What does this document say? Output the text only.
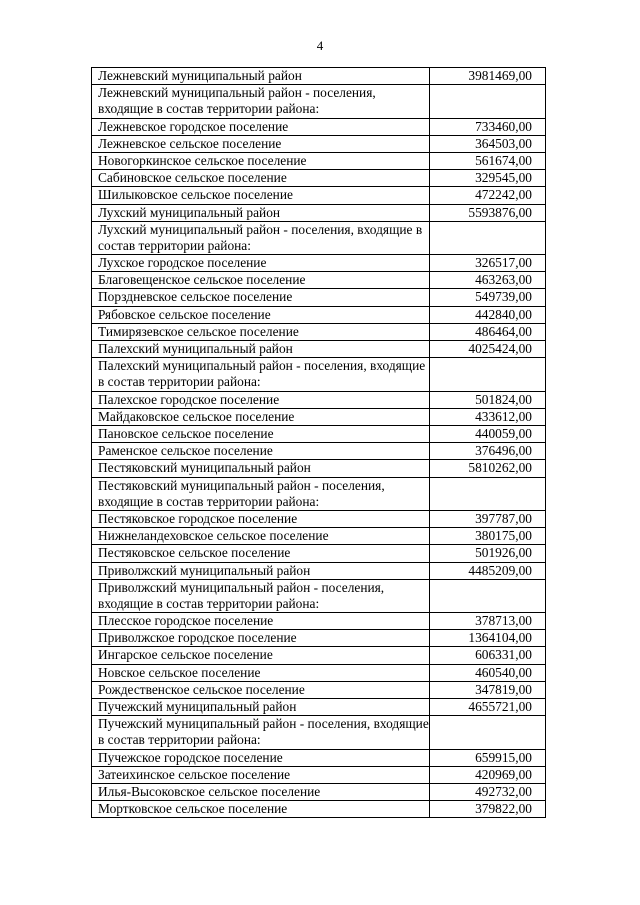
4
Лежневский муниципальный район	3981469,00
Лежневский муниципальный район - поселения, входящие в состав территории района:	
Лежневское городское поселение	733460,00
Лежневское сельское поселение	364503,00
Новогоркинское сельское поселение	561674,00
Сабиновское сельское поселение	329545,00
Шилыковское сельское поселение	472242,00
Лухский муниципальный район	5593876,00
Лухский муниципальный район - поселения, входящие в состав территории района:	
Лухское городское поселение	326517,00
Благовещенское сельское поселение	463263,00
Порздневское сельское поселение	549739,00
Рябовское сельское поселение	442840,00
Тимирязевское сельское поселение	486464,00
Палехский муниципальный район	4025424,00
Палехский муниципальный район - поселения, входящие в состав территории района:	
Палехское городское поселение	501824,00
Майдаковское сельское поселение	433612,00
Пановское сельское поселение	440059,00
Раменское сельское поселение	376496,00
Пестяковский муниципальный район	5810262,00
Пестяковский муниципальный район - поселения, входящие в состав территории района:	
Пестяковское городское поселение	397787,00
Нижнеландеховское сельское поселение	380175,00
Пестяковское сельское поселение	501926,00
Приволжский муниципальный район	4485209,00
Приволжский муниципальный район - поселения, входящие в состав территории района:	
Плесское городское поселение	378713,00
Приволжское городское поселение	1364104,00
Ингарское сельское поселение	606331,00
Новское сельское поселение	460540,00
Рождественское сельское поселение	347819,00
Пучежский муниципальный район	4655721,00
Пучежский муниципальный район - поселения, входящие в состав территории района:	
Пучежское городское поселение	659915,00
Затеихинское сельское поселение	420969,00
Илья-Высоковское сельское поселение	492732,00
Мортковское сельское поселение	379822,00
